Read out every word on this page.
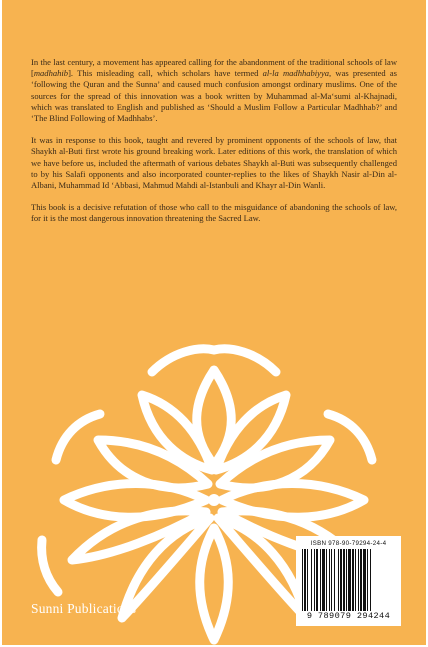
In the last century, a movement has appeared calling for the abandonment of the traditional schools of law [madhahib]. This misleading call, which scholars have termed al-la madhhabiyya, was presented as ‘following the Quran and the Sunna’ and caused much confusion amongst ordinary muslims. One of the sources for the spread of this innovation was a book written by Muhammad al-Ma‘sumi al-Khajnadi, which was translated to English and published as ‘Should a Muslim Follow a Particular Madhhab?’ and ‘The Blind Following of Madhhabs’.

It was in response to this book, taught and revered by prominent opponents of the schools of law, that Shaykh al-Buti first wrote his ground breaking work. Later editions of this work, the translation of which we have before us, included the aftermath of various debates Shaykh al-Buti was subsequently challenged to by his Salafi opponents and also incorporated counter-replies to the likes of Shaykh Nasir al-Din al-Albani, Muhammad Id ‘Abbasi, Mahmud Mahdi al-Istanbuli and Khayr al-Din Wanli.

This book is a decisive refutation of those who call to the misguidance of abandoning the schools of law, for it is the most dangerous innovation threatening the Sacred Law.

Sunni Publications
ISBN 978-90-79294-24-4
9 789079 294244
